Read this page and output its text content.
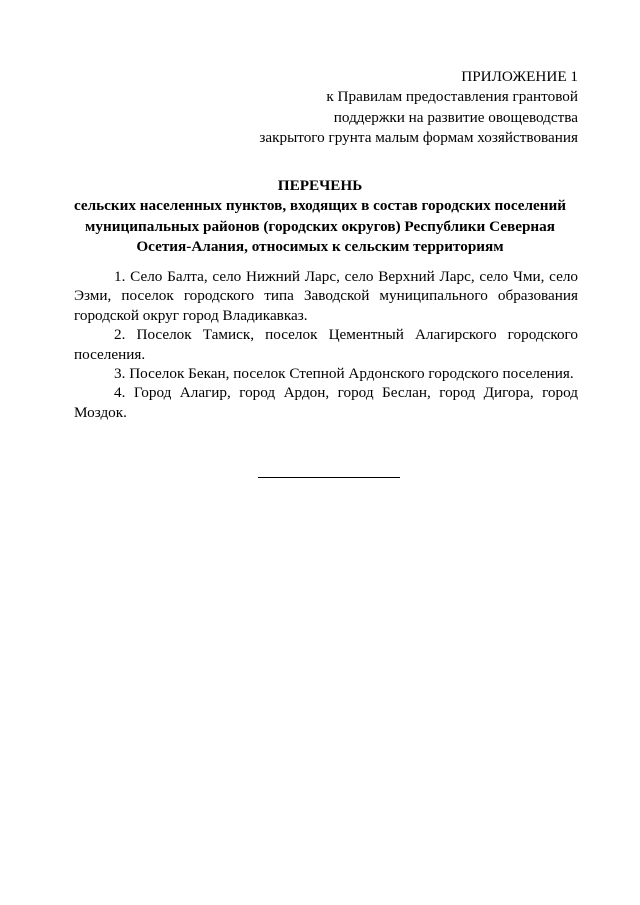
ПРИЛОЖЕНИЕ 1
к Правилам предоставления грантовой
поддержки на развитие овощеводства
закрытого грунта малым формам хозяйствования
ПЕРЕЧЕНЬ
сельских населенных пунктов, входящих в состав городских поселений
муниципальных районов (городских округов) Республики Северная
Осетия-Алания, относимых к сельским территориям

1. Село Балта, село Нижний Ларс, село Верхний Ларс, село Чми, село Эзми, поселок городского типа Заводской муниципального образования городской округ город Владикавказ.

2. Поселок Тамиск, поселок Цементный Алагирского городского поселения.

3. Поселок Бекан, поселок Степной Ардонского городского поселения.

4. Город Алагир, город Ардон, город Беслан, город Дигора, город Моздок.
